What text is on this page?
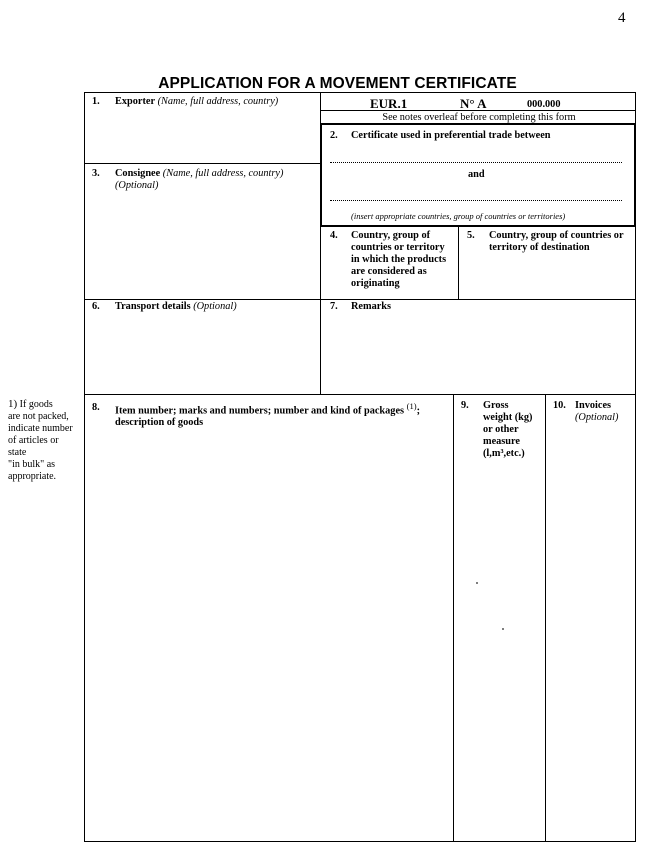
4
APPLICATION FOR A MOVEMENT CERTIFICATE
EUR.1	N° A	000.000
See notes overleaf before completing this form
1. Exporter (Name, full address, country)
2. Certificate used in preferential trade between
and
(insert appropriate countries, group of countries or territories)
3. Consignee (Name, full address, country)
(Optional)
4. Country, group of
countries or territory
in which the products
are considered as
originating
5. Country, group of countries or
territory of destination
6. Transport details (Optional)	7. Remarks
8. Item number; marks and numbers; number and kind of packages $^{(1)}$;
description of goods
9. Gross
weight (kg)
or other
measure
(l,m³,etc.)
10. Invoices
(Optional)
1) If goods
are not packed,
indicate number
of articles or
state
"in bulk" as
appropriate.
